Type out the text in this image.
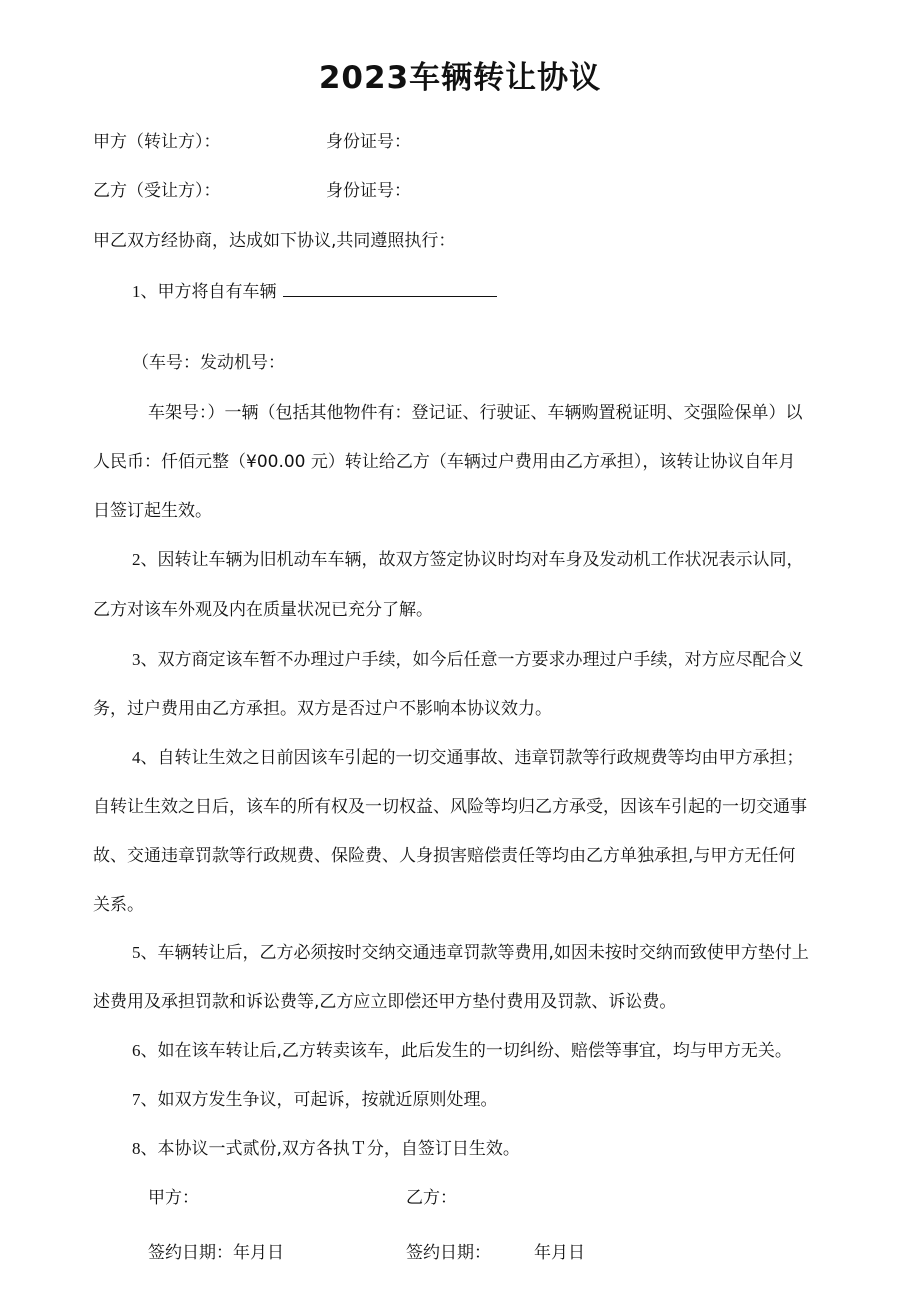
2023车辆转让协议
甲方（转让方）：	身份证号：
乙方（受让方）：	身份证号：
甲乙双方经协商，达成如下协议,共同遵照执行：
1、甲方将自有车辆
（车号：发动机号：
车架号：）一辆（包括其他物件有：登记证、行驶证、车辆购置税证明、交强险保单）以
人民币：仟佰元整（¥00.00 元）转让给乙方（车辆过户费用由乙方承担），该转让协议自年月
日签订起生效。
2、因转让车辆为旧机动车车辆，故双方签定协议时均对车身及发动机工作状况表示认同，
乙方对该车外观及内在质量状况已充分了解。
3、双方商定该车暂不办理过户手续，如今后任意一方要求办理过户手续，对方应尽配合义
务，过户费用由乙方承担。双方是否过户不影响本协议效力。
4、自转让生效之日前因该车引起的一切交通事故、违章罚款等行政规费等均由甲方承担；
自转让生效之日后，该车的所有权及一切权益、风险等均归乙方承受，因该车引起的一切交通事
故、交通违章罚款等行政规费、保险费、人身损害赔偿责任等均由乙方单独承担,与甲方无任何
关系。
5、车辆转让后，乙方必须按时交纳交通违章罚款等费用,如因未按时交纳而致使甲方垫付上
述费用及承担罚款和诉讼费等,乙方应立即偿还甲方垫付费用及罚款、诉讼费。
6、如在该车转让后,乙方转卖该车，此后发生的一切纠纷、赔偿等事宜，均与甲方无关。
7、如双方发生争议，可起诉，按就近原则处理。
8、本协议一式贰份,双方各执Ｔ分，自签订日生效。
甲方：	乙方：
签约日期：年月日	签约日期：	年月日
